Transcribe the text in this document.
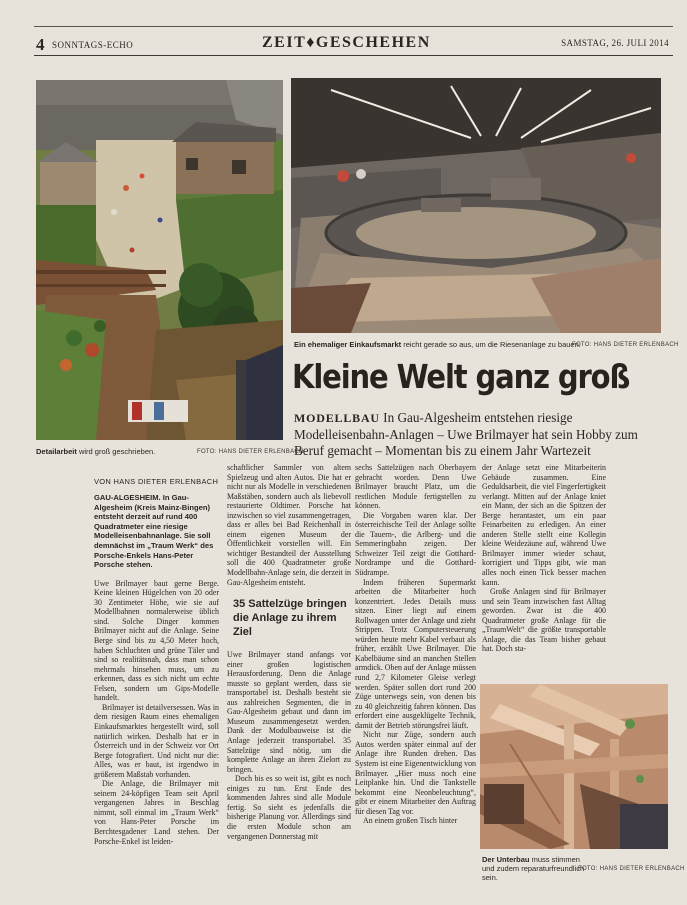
4 SONNTAGS-ECHO	ZEIT♦GESCHEHEN	SAMSTAG, 26. JULI 2014
Detailarbeit wird groß geschrieben.	FOTO: HANS DIETER ERLENBACH
Ein ehemaliger Einkaufsmarkt reicht gerade so aus, um die Riesenanlage zu bauen.
FOTO: HANS DIETER ERLENBACH
Kleine Welt ganz groß
MODELLBAU In Gau-Algesheim entstehen riesige Modelleisenbahn-Anlagen – Uwe Brilmayer hat sein Hobby zum Beruf gemacht – Momentan bis zu einem Jahr Wartezeit
VON HANS DIETER ERLENBACH

GAU-ALGESHEIM. In Gau-Algesheim (Kreis Mainz-Bingen) entsteht derzeit auf rund 400 Quadratmeter eine riesige Modelleisenbahnanlage. Sie soll demnächst im „Traum Werk“ des Porsche-Enkels Hans-Peter Porsche stehen.

Uwe Brilmayer baut gerne Berge. Keine kleinen Hügelchen von 20 oder 30 Zentimeter Höhe, wie sie auf Modellbahnen normalerweise üblich sind. Solche Dinger kommen Brilmayer nicht auf die Anlage. Seine Berge sind bis zu 4,50 Meter hoch, haben Schluchten und grüne Täler und sind so realitätsnah, dass man schon mehrmals hinsehen muss, um zu erkennen, dass es sich nicht um echte Felsen, sondern um Gips-Modelle handelt.

Brilmayer ist detailversessen. Was in dem riesigen Raum eines ehemaligen Einkaufsmarktes hergestellt wird, soll natürlich wirken. Deshalb hat er in Österreich und in der Schweiz vor Ort Berge fotografiert. Und nicht nur die: Alles, was er baut, ist irgendwo in größerem Maßstab vorhanden.

Die Anlage, die Brilmayer mit seinem 24-köpfigen Team seit April vergangenen Jahres in Beschlag nimmt, soll einmal im „Traum Werk“ von Hans-Peter Porsche im Berchtesgadener Land stehen. Der Porsche-Enkel ist leiden-

schaftlicher Sammler von altem Spielzeug und alten Autos. Die hat er nicht nur als Modelle in verschiedenen Maßstäben, sondern auch als liebevoll restaurierte Oldtimer. Porsche hat inzwischen so viel zusammengetragen, dass er alles bei Bad Reichenhall in einem eigenen Museum der Öffentlichkeit vorstellen will. Ein wichtiger Bestandteil der Ausstellung soll die 400 Quadratmeter große Modellbahn-Anlage sein, die derzeit in Gau-Algesheim entsteht.

35 Sattelzüge bringen die Anlage zu ihrem Ziel

Uwe Brilmayer stand anfangs vor einer großen logistischen Herausforderung. Denn die Anlage musste so geplant werden, dass sie transportabel ist. Deshalb besteht sie aus zahlreichen Segmenten, die in Gau-Algesheim gebaut und dann im Museum zusammengesetzt werden. Dank der Modulbauweise ist die Anlage jederzeit transportabel. 35 Sattelzüge sind nötig, um die komplette Anlage an ihren Zielort zu bringen.

Doch bis es so weit ist, gibt es noch einiges zu tun. Erst Ende des kommenden Jahres sind alle Module fertig. So sieht es jedenfalls die bisherige Planung vor. Allerdings sind die ersten Module schon am vergangenen Donnerstag mit

sechs Sattelzügen nach Oberbayern gebracht worden. Denn Uwe Brilmayer braucht Platz, um die restlichen Module fertigstellen zu können.

Die Vorgaben waren klar. Der österreichische Teil der Anlage sollte die Tauern-, die Arlberg- und die Semmeringbahn zeigen. Der Schweizer Teil zeigt die Gotthard-Nordrampe und die Gotthard-Südrampe.

Indem früheren Supermarkt arbeiten die Mitarbeiter hoch konzentriert. Jedes Details muss sitzen. Einer liegt auf einem Rollwagen unter der Anlage und zieht Strippen. Trotz Computersteuerung würden heute mehr Kabel verbaut als früher, erzählt Uwe Brilmayer. Die Kabelbäume sind an manchen Stellen armdick. Oben auf der Anlage müssen rund 2,7 Kilometer Gleise verlegt werden. Später sollen dort rund 200 Züge unterwegs sein, von denen bis zu 40 gleichzeitig fahren können. Das erfordert eine ausgeklügelte Technik, damit der Betrieb störungsfrei läuft.

Nicht nur Züge, sondern auch Autos werden später einmal auf der Anlage ihre Runden drehen. Das System ist eine Eigenentwicklung von Brilmayer. „Hier muss noch eine Leitplanke hin. Und die Tankstelle bekommt eine Neonbeleuchtung“, gibt er einem Mitarbeiter den Auftrag für diesen Tag vor.

An einem großen Tisch hinter

der Anlage setzt eine Mitarbeiterin Gebäude zusammen. Eine Geduldsarbeit, die viel Fingerfertigkeit verlangt. Mitten auf der Anlage kniet ein Mann, der sich an die Spitzen der Berge herantastet, um ein paar Feinarbeiten zu erledigen. An einer anderen Stelle stellt eine Kollegin kleine Weidezäune auf, während Uwe Brilmayer immer wieder schaut, korrigiert und Tipps gibt, wie man alles noch einen Tick besser machen kann.

Große Anlagen sind für Brilmayer und sein Team inzwischen fast Alltag geworden. Zwar ist die 400 Quadratmeter große Anlage für die „TraumWelt“ die größte transportable Anlage, die das Team bisher gebaut hat. Doch sta-

Der Unterbau muss stimmen und zudem reparaturfreundlich sein.
FOTO: HANS DIETER ERLENBACH
